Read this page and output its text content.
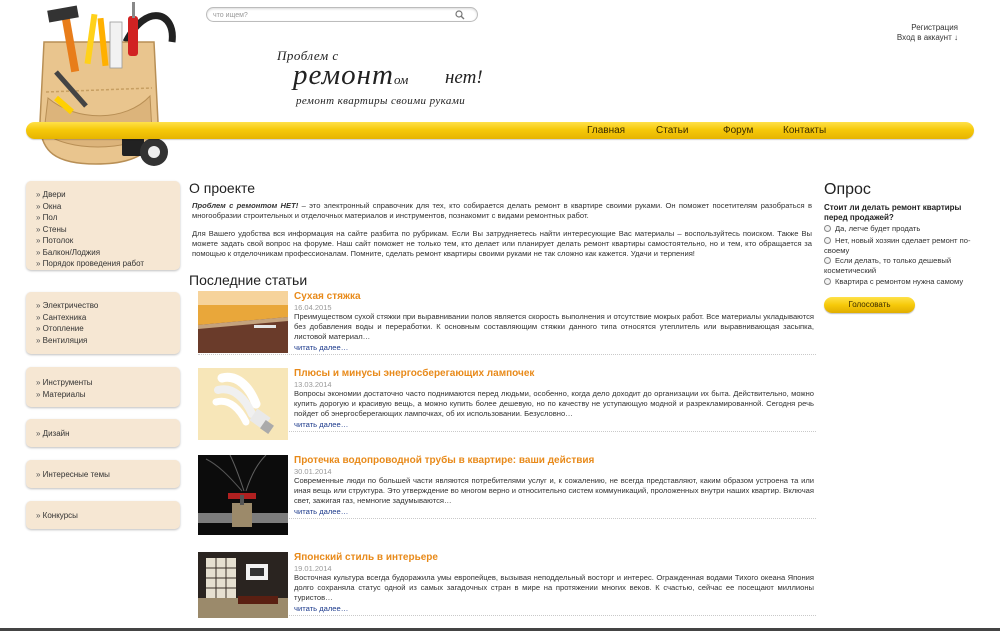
что ищем?
Проблем с
ремонтом нет!
ремонт квартиры своими руками
Регистрация
Вход в аккаунт ↓
Главная	Статьи	Форум	Контакты
» Двери
» Окна
» Пол
» Стены
» Потолок
» Балкон/Лоджия
» Порядок проведения работ
» Электричество
» Сантехника
» Отопление
» Вентиляция
» Инструменты
» Материалы
» Дизайн
» Интересные темы
» Конкурсы
О проекте

Проблем с ремонтом НЕТ! – это электронный справочник для тех, кто собирается делать ремонт в квартире своими руками. Он поможет посетителям разобраться в многообразии строительных и отделочных материалов и инструментов, познакомит с видами ремонтных работ.

Для Вашего удобства вся информация на сайте разбита по рубрикам. Если Вы затрудняетесь найти интересующие Вас материалы – воспользуйтесь поиском. Также Вы можете задать свой вопрос на форуме. Наш сайт поможет не только тем, кто делает или планирует делать ремонт квартиры самостоятельно, но и тем, кто обращается за помощью к отделочникам профессионалам. Помните, сделать ремонт квартиры своими руками не так сложно как кажется. Удачи и терпения!

Последние статьи
Сухая стяжка
16.04.2015
Преимуществом сухой стяжки при выравнивании полов является скорость выполнения и отсутствие мокрых работ. Все материалы укладываются без добавления воды и переработки. К основным составляющим стяжки данного типа относятся утеплитель или выравнивающая засыпка, листовой материал…
читать далее…
Плюсы и минусы энергосберегающих лампочек
13.03.2014
Вопросы экономии достаточно часто поднимаются перед людьми, особенно, когда дело доходит до организации их быта. Действительно, можно купить дорогую и красивую вещь, а можно купить более дешевую, но по качеству не уступающую модной и разрекламированной. Сегодня речь пойдет об энергосберегающих лампочках, об их использовании. Безусловно…
читать далее…
Протечка водопроводной трубы в квартире: ваши действия
30.01.2014
Современные люди по большей части являются потребителями услуг и, к сожалению, не всегда представляют, каким образом устроена та или иная вещь или структура. Это утверждение во многом верно и относительно систем коммуникаций, проложенных внутри наших квартир. Включая свет, зажигая газ, немногие задумываются…
читать далее…
Японский стиль в интерьере
19.01.2014
Восточная культура всегда будоражила умы европейцев, вызывая неподдельный восторг и интерес. Огражденная водами Тихого океана Япония долго сохраняла статус одной из самых загадочных стран в мире на протяжении многих веков. К счастью, сейчас ее посещают миллионы туристов…
читать далее…
Опрос
Стоит ли делать ремонт квартиры перед продажей?
Да, легче будет продать
Нет, новый хозяин сделает ремонт по-своему
Если делать, то только дешевый косметический
Квартира с ремонтом нужна самому
Голосовать
